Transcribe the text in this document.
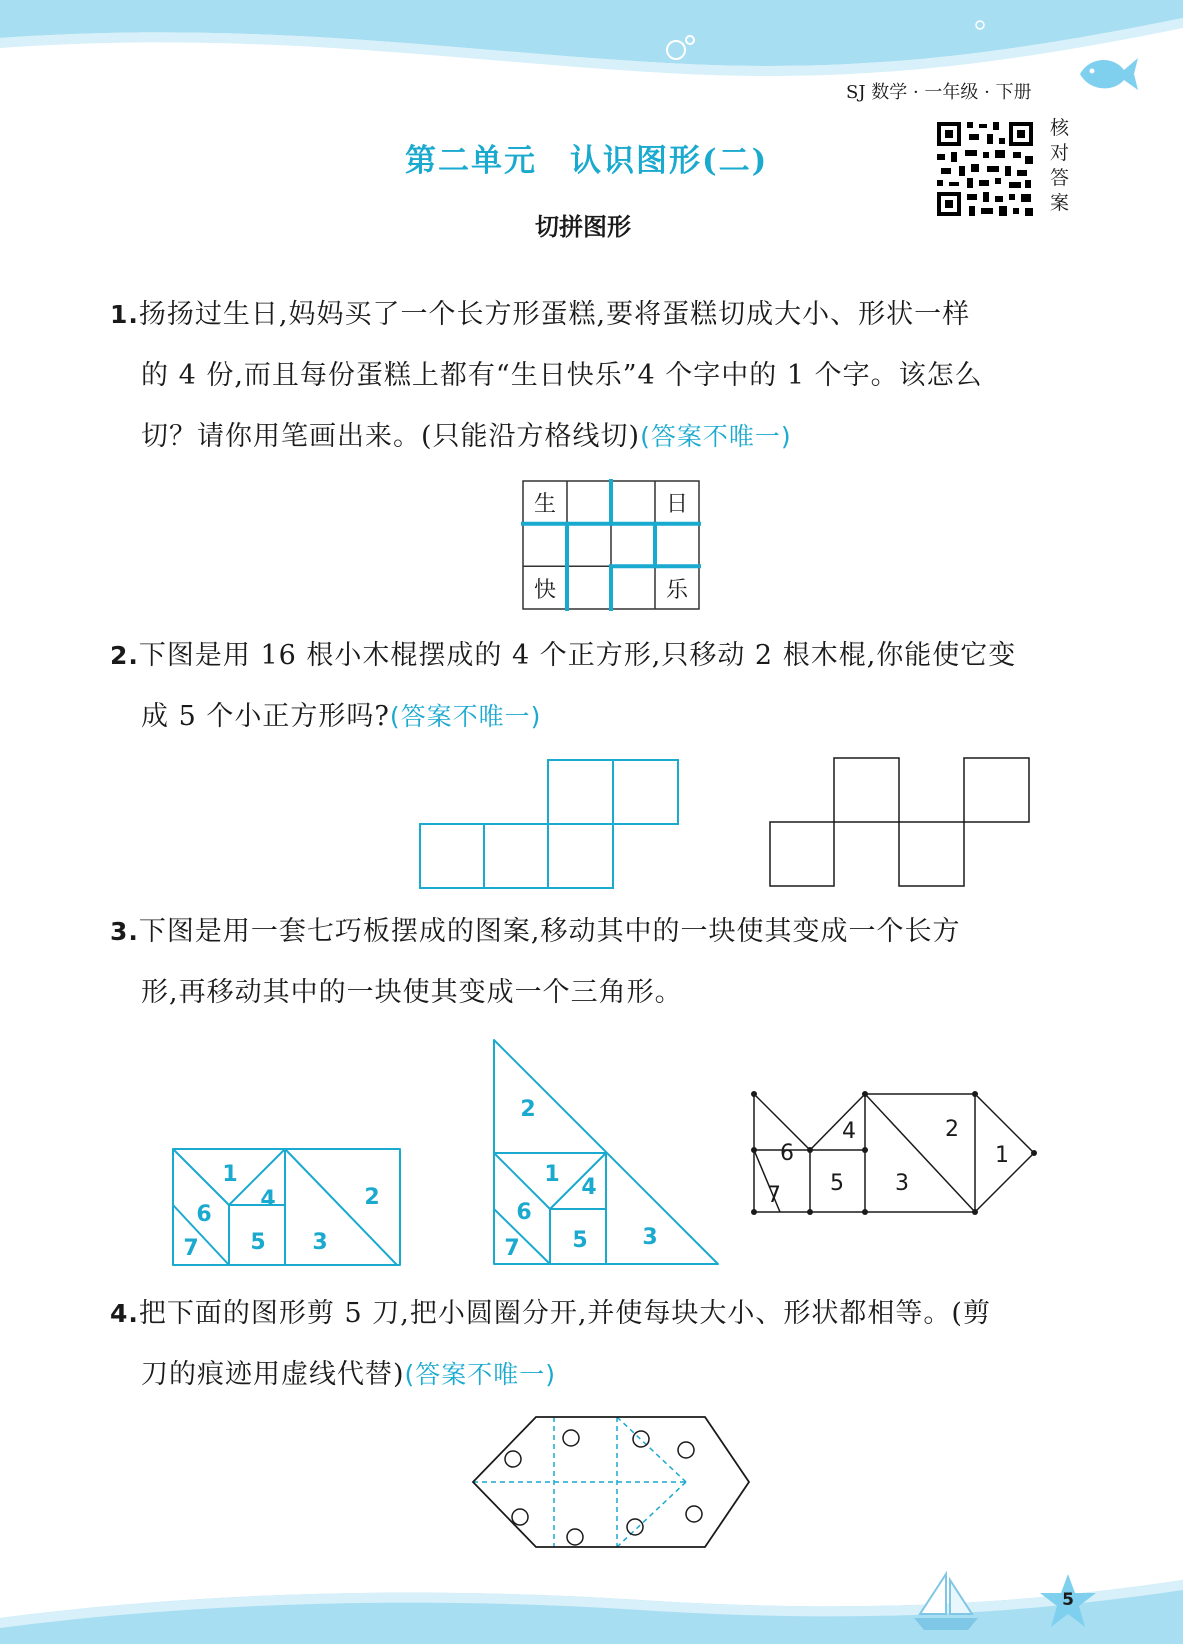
SJ 数学 · 一年级 · 下册
第二单元　认识图形(二)
切拼图形
核对答案
1.扬扬过生日,妈妈买了一个长方形蛋糕,要将蛋糕切成大小、形状一样
的 4 份,而且每份蛋糕上都有“生日快乐”4 个字中的 1 个字。该怎么
切？请你用笔画出来。(只能沿方格线切)(答案不唯一)
生	日
快	乐
2.下图是用 16 根小木棍摆成的 4 个正方形,只移动 2 根木棍,你能使它变
成 5 个小正方形吗?(答案不唯一)
3.下图是用一套七巧板摆成的图案,移动其中的一块使其变成一个长方
形,再移动其中的一块使其变成一个三角形。
1
2
3
4
5
6
7
2
1
4
6
5 3
7
6
7
4
5 3
2
1
4.把下面的图形剪 5 刀,把小圆圈分开,并使每块大小、形状都相等。(剪
刀的痕迹用虚线代替)(答案不唯一)
5
